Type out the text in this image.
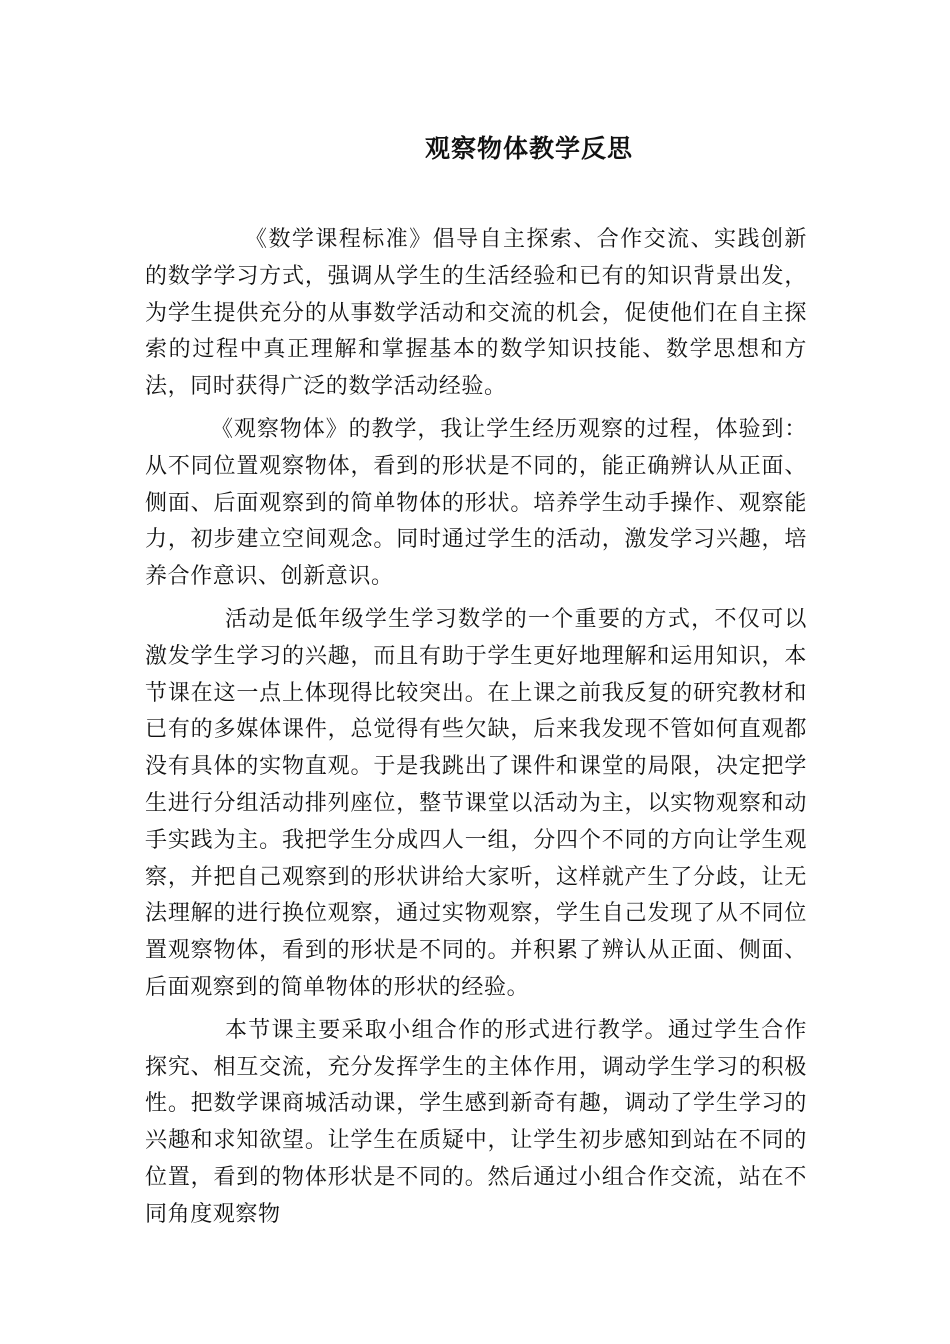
观察物体教学反思

《数学课程标准》倡导自主探索、合作交流、实践创新的数学学习方式，强调从学生的生活经验和已有的知识背景出发，为学生提供充分的从事数学活动和交流的机会，促使他们在自主探索的过程中真正理解和掌握基本的数学知识技能、数学思想和方法，同时获得广泛的数学活动经验。

《观察物体》的教学，我让学生经历观察的过程，体验到：从不同位置观察物体，看到的形状是不同的，能正确辨认从正面、侧面、后面观察到的简单物体的形状。培养学生动手操作、观察能力，初步建立空间观念。同时通过学生的活动，激发学习兴趣，培养合作意识、创新意识。

活动是低年级学生学习数学的一个重要的方式，不仅可以激发学生学习的兴趣，而且有助于学生更好地理解和运用知识，本节课在这一点上体现得比较突出。在上课之前我反复的研究教材和已有的多媒体课件，总觉得有些欠缺，后来我发现不管如何直观都没有具体的实物直观。于是我跳出了课件和课堂的局限，决定把学生进行分组活动排列座位，整节课堂以活动为主，以实物观察和动手实践为主。我把学生分成四人一组，分四个不同的方向让学生观察，并把自己观察到的形状讲给大家听，这样就产生了分歧，让无法理解的进行换位观察，通过实物观察，学生自己发现了从不同位置观察物体，看到的形状是不同的。并积累了辨认从正面、侧面、后面观察到的简单物体的形状的经验。

本节课主要采取小组合作的形式进行教学。通过学生合作探究、相互交流，充分发挥学生的主体作用，调动学生学习的积极性。把数学课商城活动课，学生感到新奇有趣，调动了学生学习的兴趣和求知欲望。让学生在质疑中，让学生初步感知到站在不同的位置，看到的物体形状是不同的。然后通过小组合作交流，站在不同角度观察物
